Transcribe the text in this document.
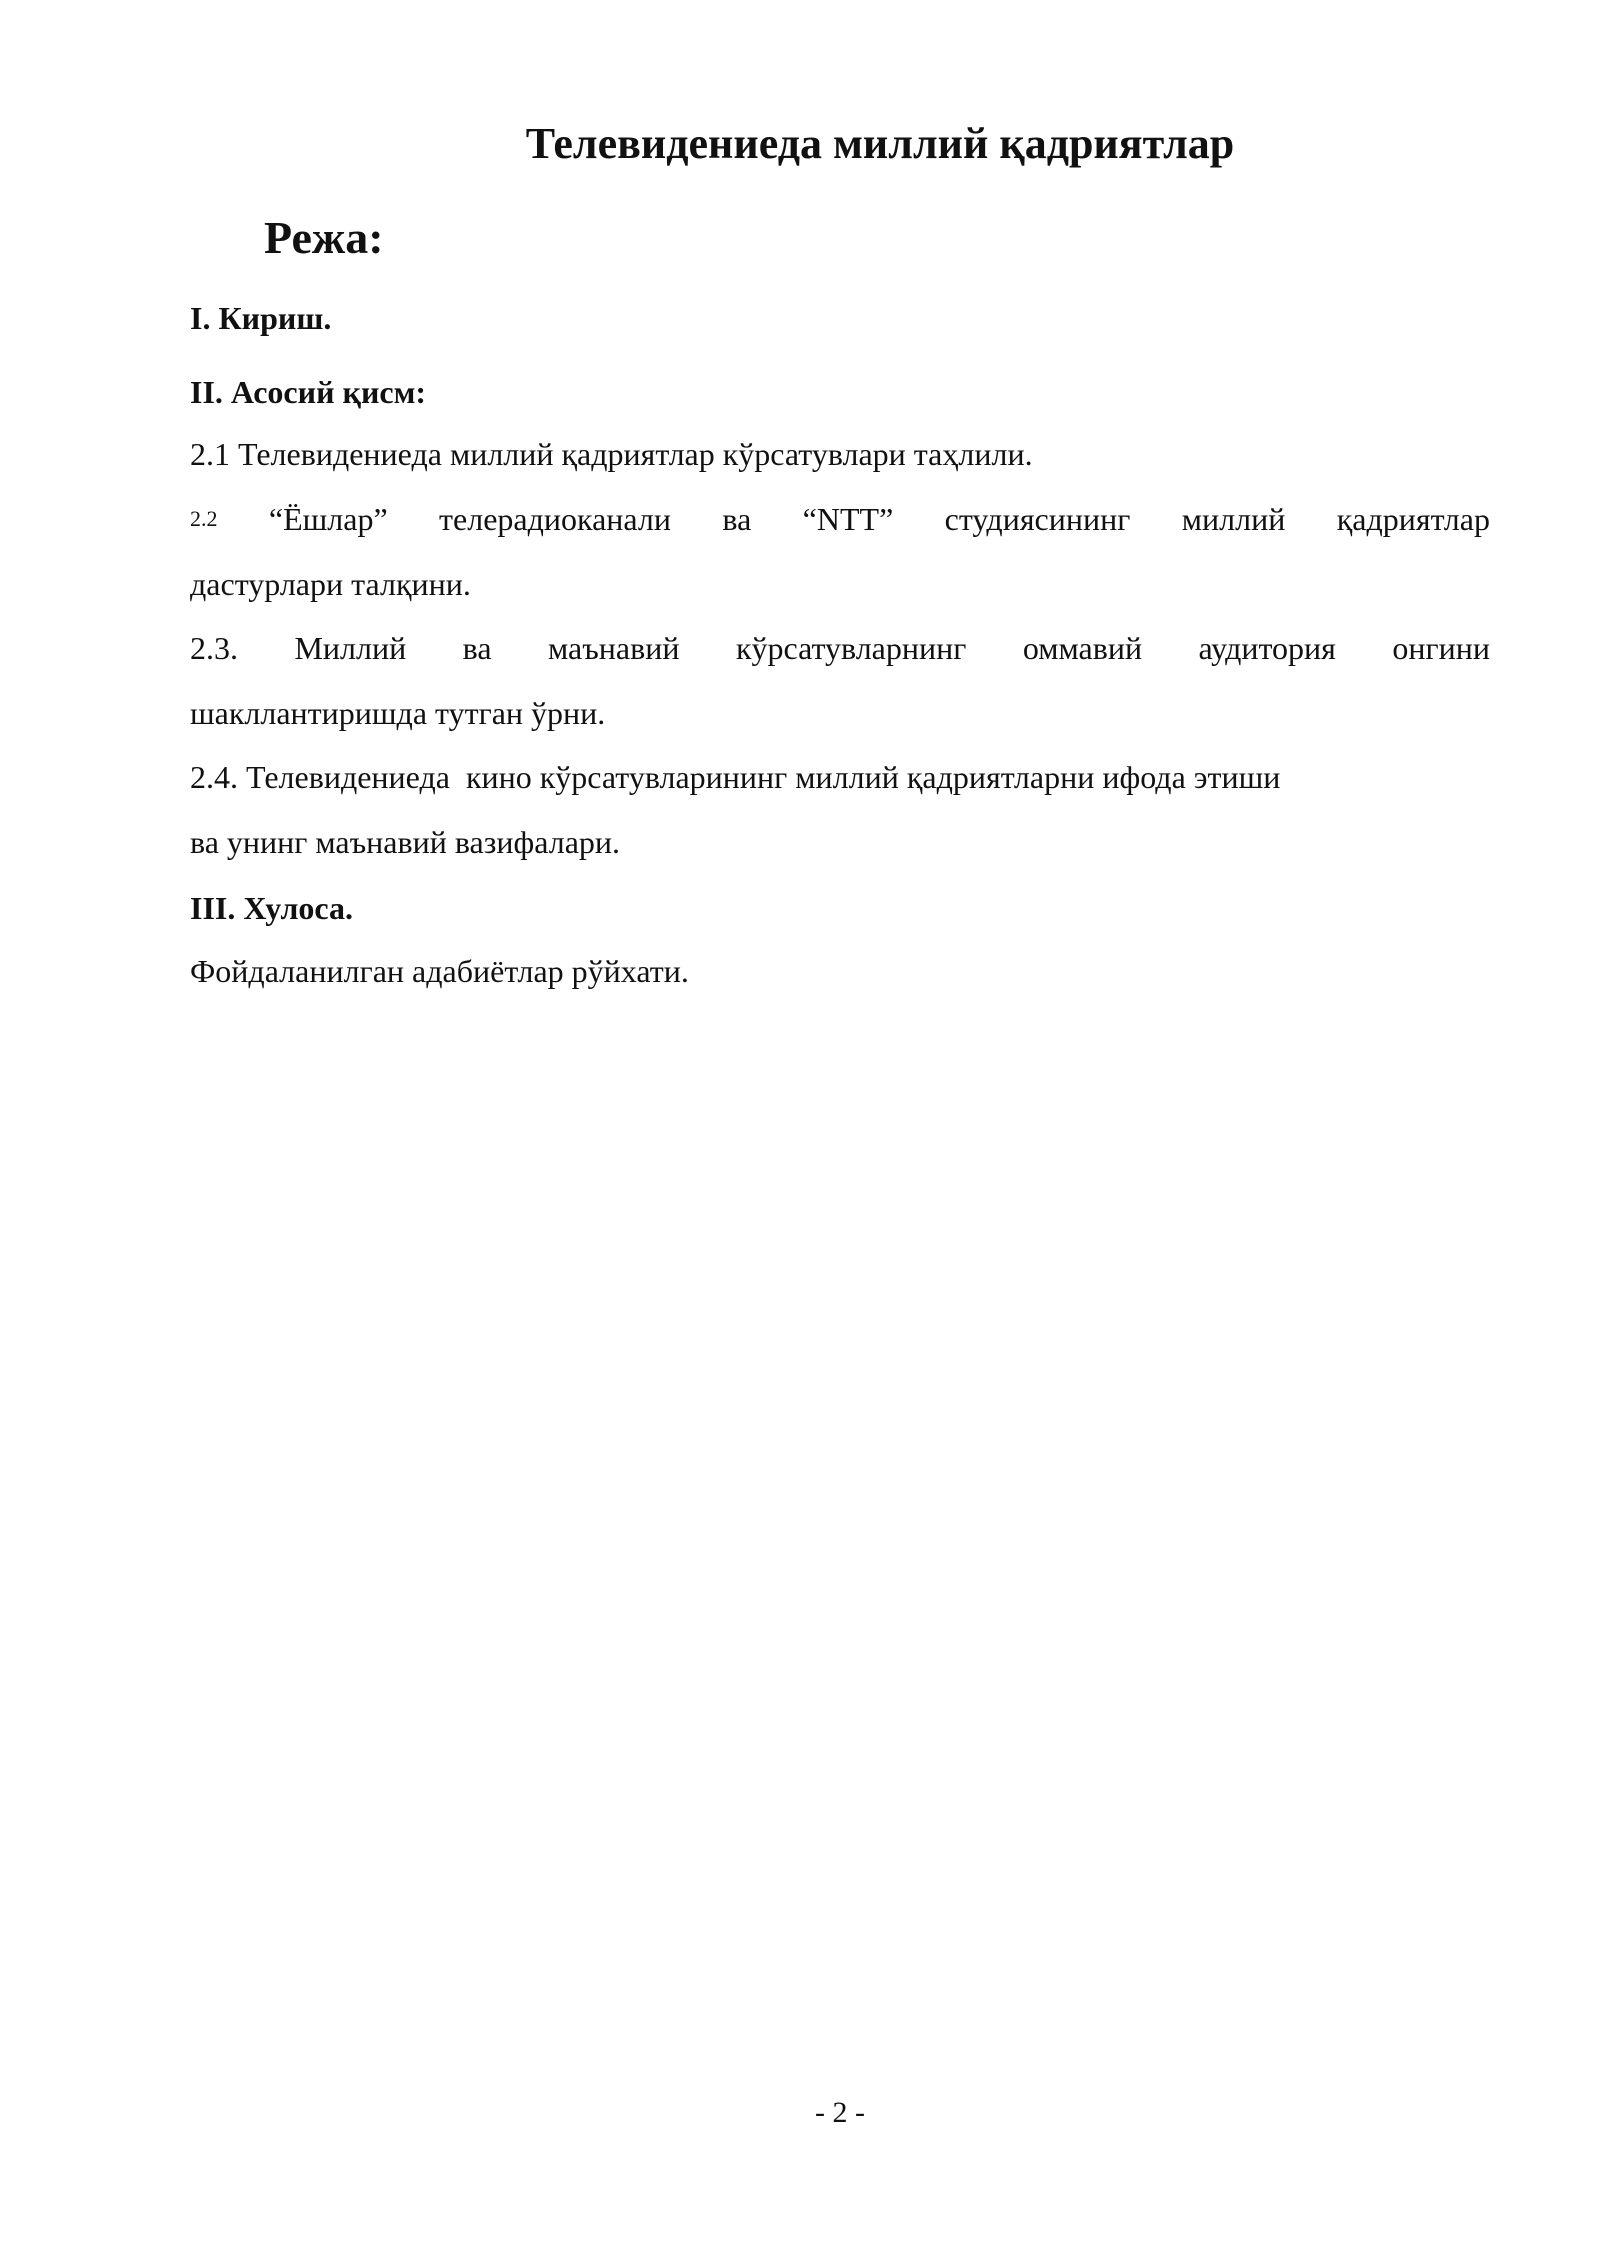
Телевидениеда миллий қадриятлар
Режа:

I. Кириш.

II. Асосий қисм:

2.1 Телевидениеда миллий қадриятлар кўрсатувлари таҳлили.

2.2 “Ёшлар” телерадиоканали ва “NTT” студиясининг миллий қадриятлар

дастурлари талқини.

2.3. Миллий ва маънавий кўрсатувларнинг оммавий аудитория онгини

шакллантиришда тутган ўрни.

2.4. Телевидениеда  кино кўрсатувларининг миллий қадриятларни ифода этиши

ва унинг маънавий вазифалари.

III. Хулоса.

Фойдаланилган адабиётлар рўйхати.

- 2 -
